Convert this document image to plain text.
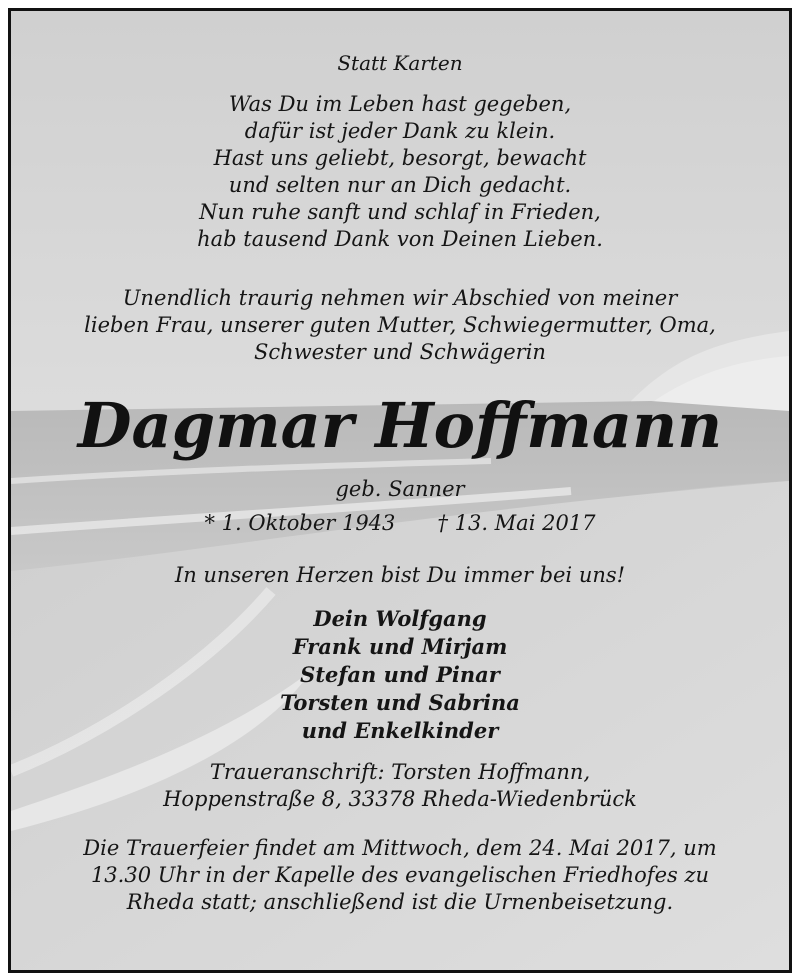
Statt Karten
Was Du im Leben hast gegeben,
dafür ist jeder Dank zu klein.
Hast uns geliebt, besorgt, bewacht
und selten nur an Dich gedacht.
Nun ruhe sanft und schlaf in Frieden,
hab tausend Dank von Deinen Lieben.
Unendlich traurig nehmen wir Abschied von meiner
lieben Frau, unserer guten Mutter, Schwiegermutter, Oma,
Schwester und Schwägerin
Dagmar Hoffmann
geb. Sanner
* 1. Oktober 1943 † 13. Mai 2017
In unseren Herzen bist Du immer bei uns!
Dein Wolfgang
Frank und Mirjam
Stefan und Pinar
Torsten und Sabrina
und Enkelkinder
Traueranschrift: Torsten Hoffmann,
Hoppenstraße 8, 33378 Rheda-Wiedenbrück
Die Trauerfeier findet am Mittwoch, dem 24. Mai 2017, um
13.30 Uhr in der Kapelle des evangelischen Friedhofes zu
Rheda statt; anschließend ist die Urnenbeisetzung.
